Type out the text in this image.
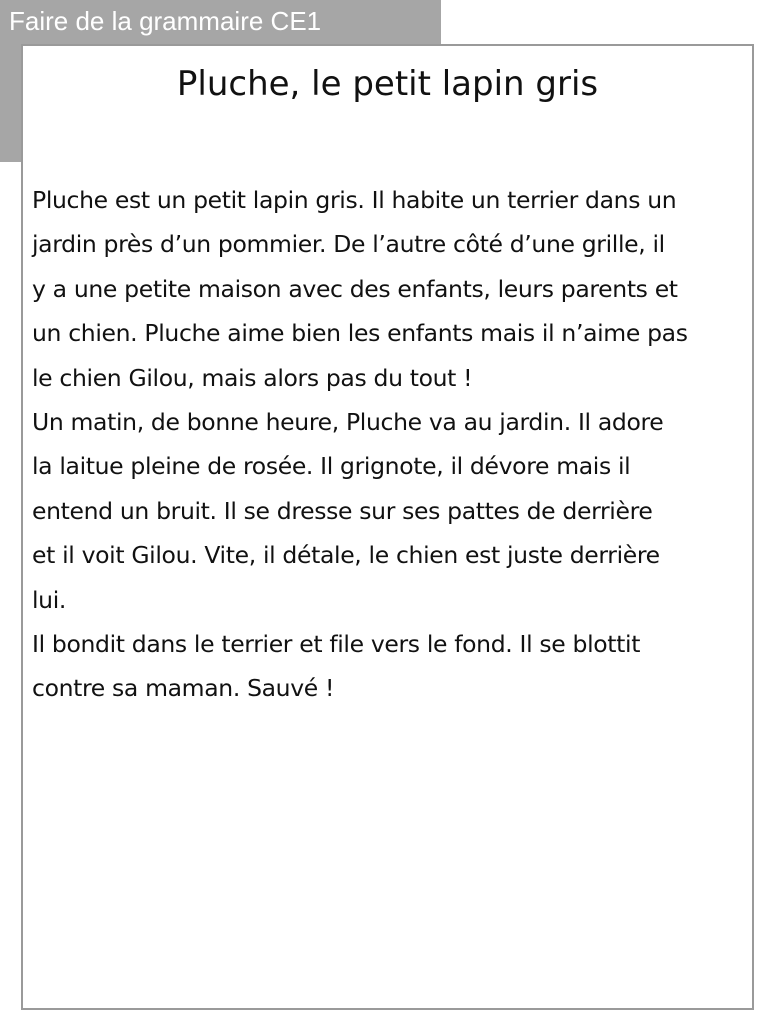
Faire de la grammaire CE1
Pluche, le petit lapin gris
Pluche est un petit lapin gris. Il habite un terrier dans un
jardin près d’un pommier. De l’autre côté d’une grille, il
y a une petite maison avec des enfants, leurs parents et
un chien. Pluche aime bien les enfants mais il n’aime pas
le chien Gilou, mais alors pas du tout !
Un matin, de bonne heure, Pluche va au jardin. Il adore
la laitue pleine de rosée. Il grignote, il dévore mais il
entend un bruit. Il se dresse sur ses pattes de derrière
et il voit Gilou. Vite, il détale, le chien est juste derrière
lui.
Il bondit dans le terrier et file vers le fond. Il se blottit
contre sa maman. Sauvé !
